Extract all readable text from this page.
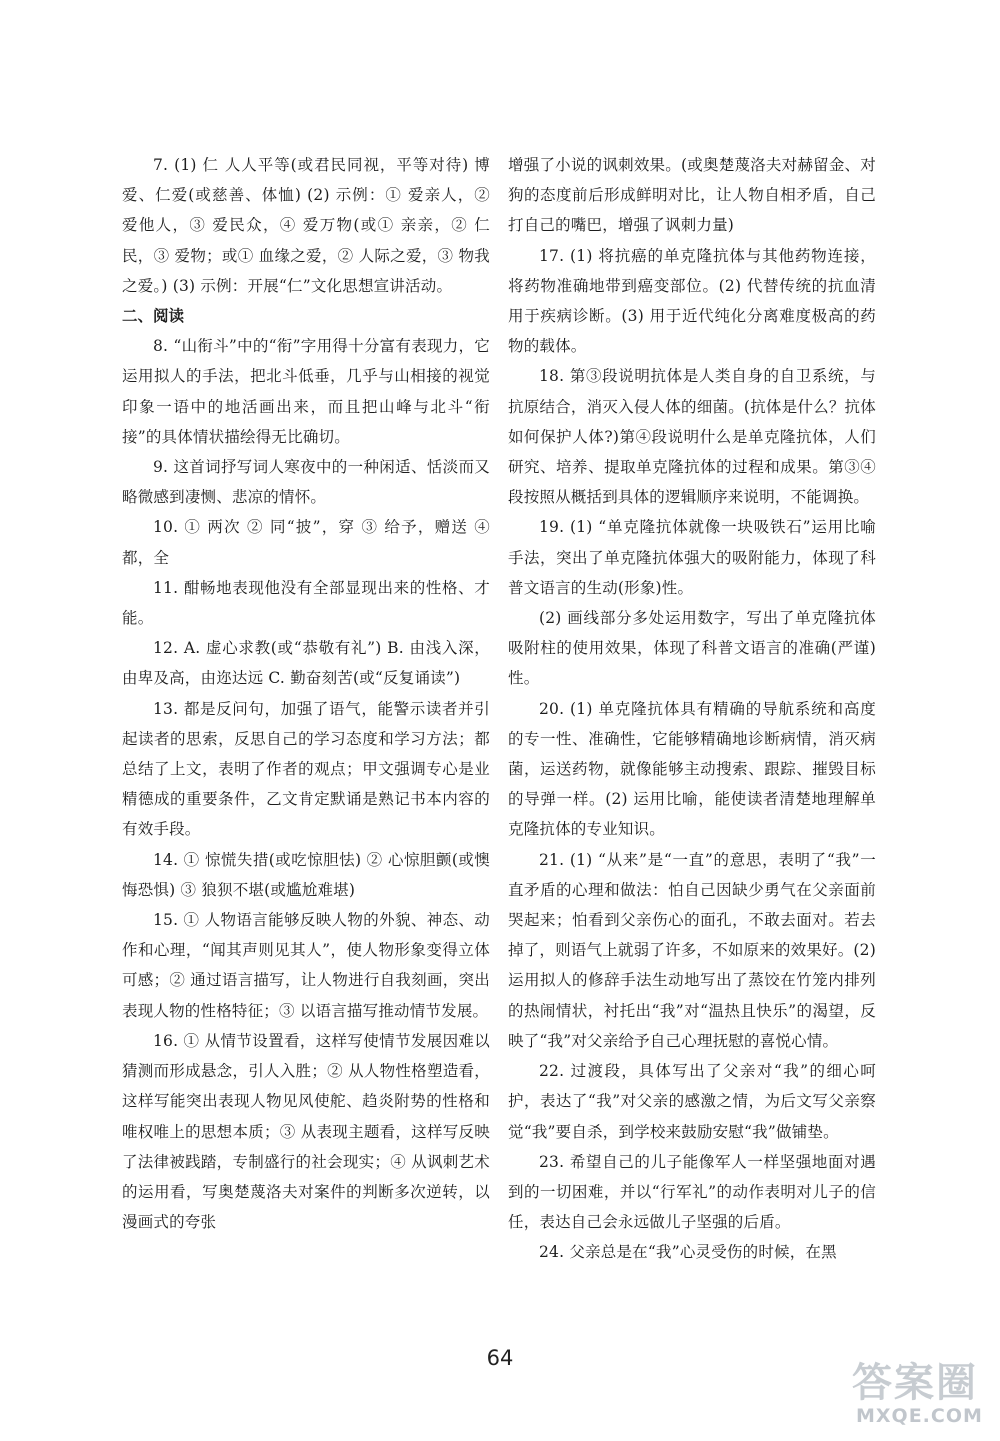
7. (1) 仁 人人平等(或君民同视，平等对待) 博爱、仁爱(或慈善、体恤) (2) 示例：① 爱亲人，② 爱他人，③ 爱民众，④ 爱万物(或① 亲亲，② 仁民，③ 爱物；或① 血缘之爱，② 人际之爱，③ 物我之爱。) (3) 示例：开展“仁”文化思想宣讲活动。

二、阅读

8. “山衔斗”中的“衔”字用得十分富有表现力，它运用拟人的手法，把北斗低垂，几乎与山相接的视觉印象一语中的地活画出来，而且把山峰与北斗“衔接”的具体情状描绘得无比确切。

9. 这首词抒写词人寒夜中的一种闲适、恬淡而又略微感到凄恻、悲凉的情怀。

10. ① 两次 ② 同“披”，穿 ③ 给予，赠送 ④ 都，全

11. 酣畅地表现他没有全部显现出来的性格、才能。

12. A. 虚心求教(或“恭敬有礼”) B. 由浅入深，由卑及高，由迩达远 C. 勤奋刻苦(或“反复诵读”)

13. 都是反问句，加强了语气，能警示读者并引起读者的思索，反思自己的学习态度和学习方法；都总结了上文，表明了作者的观点；甲文强调专心是业精德成的重要条件，乙文肯定默诵是熟记书本内容的有效手段。

14. ① 惊慌失措(或吃惊胆怯) ② 心惊胆颤(或懊悔恐惧) ③ 狼狈不堪(或尴尬难堪)

15. ① 人物语言能够反映人物的外貌、神态、动作和心理，“闻其声则见其人”，使人物形象变得立体可感；② 通过语言描写，让人物进行自我刻画，突出表现人物的性格特征；③ 以语言描写推动情节发展。

16. ① 从情节设置看，这样写使情节发展因难以猜测而形成悬念，引人入胜；② 从人物性格塑造看，这样写能突出表现人物见风使舵、趋炎附势的性格和唯权唯上的思想本质；③ 从表现主题看，这样写反映了法律被践踏，专制盛行的社会现实；④ 从讽刺艺术的运用看，写奥楚蔑洛夫对案件的判断多次逆转，以漫画式的夸张

增强了小说的讽刺效果。(或奥楚蔑洛夫对赫留金、对狗的态度前后形成鲜明对比，让人物自相矛盾，自己打自己的嘴巴，增强了讽刺力量)

17. (1) 将抗癌的单克隆抗体与其他药物连接，将药物准确地带到癌变部位。(2) 代替传统的抗血清用于疾病诊断。(3) 用于近代纯化分离难度极高的药物的载体。

18. 第③段说明抗体是人类自身的自卫系统，与抗原结合，消灭入侵人体的细菌。(抗体是什么？抗体如何保护人体?)第④段说明什么是单克隆抗体，人们研究、培养、提取单克隆抗体的过程和成果。第③④段按照从概括到具体的逻辑顺序来说明，不能调换。

19. (1) “单克隆抗体就像一块吸铁石”运用比喻手法，突出了单克隆抗体强大的吸附能力，体现了科普文语言的生动(形象)性。

(2) 画线部分多处运用数字，写出了单克隆抗体吸附柱的使用效果，体现了科普文语言的准确(严谨)性。

20. (1) 单克隆抗体具有精确的导航系统和高度的专一性、准确性，它能够精确地诊断病情，消灭病菌，运送药物，就像能够主动搜索、跟踪、摧毁目标的导弹一样。(2) 运用比喻，能使读者清楚地理解单克隆抗体的专业知识。

21. (1) “从来”是“一直”的意思，表明了“我”一直矛盾的心理和做法：怕自己因缺少勇气在父亲面前哭起来；怕看到父亲伤心的面孔，不敢去面对。若去掉了，则语气上就弱了许多，不如原来的效果好。(2) 运用拟人的修辞手法生动地写出了蒸饺在竹笼内排列的热闹情状，衬托出“我”对“温热且快乐”的渴望，反映了“我”对父亲给予自己心理抚慰的喜悦心情。

22. 过渡段，具体写出了父亲对“我”的细心呵护，表达了“我”对父亲的感激之情，为后文写父亲察觉“我”要自杀，到学校来鼓励安慰“我”做铺垫。

23. 希望自己的儿子能像军人一样坚强地面对遇到的一切困难，并以“行军礼”的动作表明对儿子的信任，表达自己会永远做儿子坚强的后盾。

24. 父亲总是在“我”心灵受伤的时候，在黑

64
答案圈
MXQE.COM
